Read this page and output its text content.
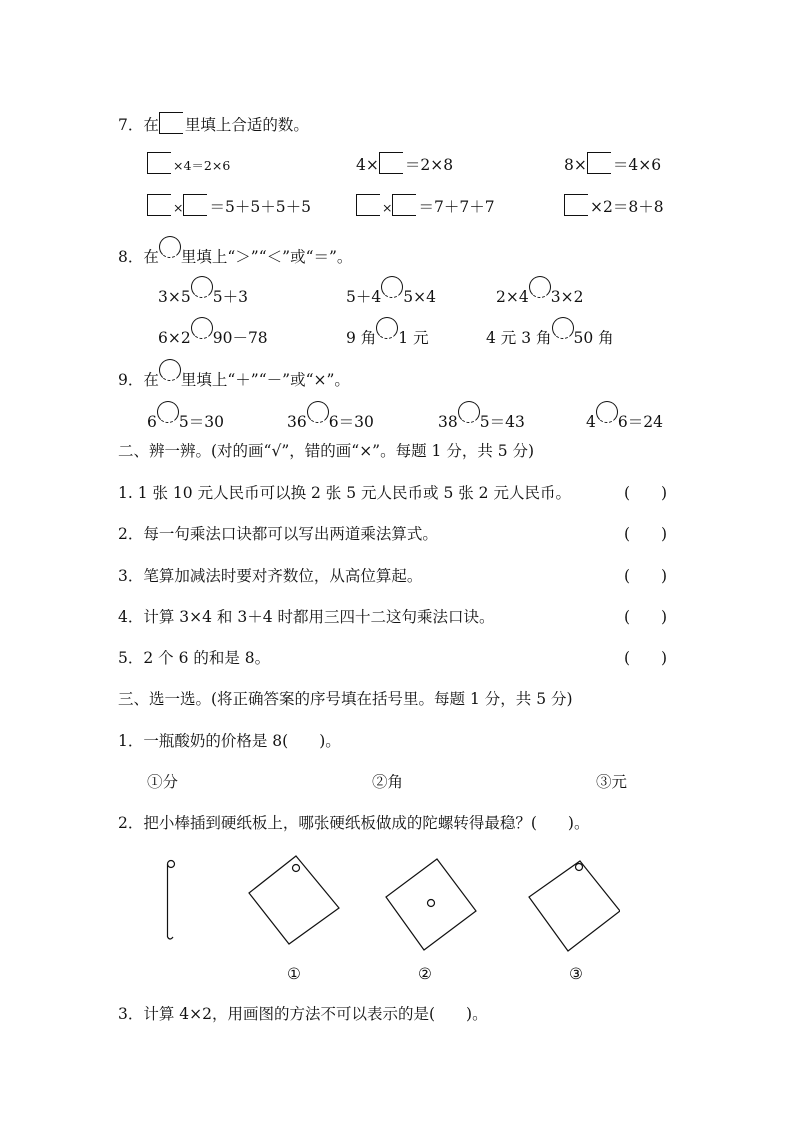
7．在 里填上合适的数。
×4＝2×6	4× ＝2×8	8× ＝4×6
× ＝5＋5＋5＋5	× ＝7＋7＋7	×2＝8＋8
8．在 里填上“＞”“＜”或“＝”。
3×5 5＋3	5＋4 5×4	2×4 3×2
6×2 90－78	9 角 1 元	4 元 3 角 50 角
9．在 里填上“＋”“－”或“×”。
6 5＝30	36 6＝30	38 5＝43	4 6＝24
二、辨一辨。(对的画“√”，错的画“×”。每题 1 分，共 5 分)
1. 1 张 10 元人民币可以换 2 张 5 元人民币或 5 张 2 元人民币。	(　　)
2．每一句乘法口诀都可以写出两道乘法算式。	(　　)
3．笔算加减法时要对齐数位，从高位算起。	(　　)
4．计算 3×4 和 3＋4 时都用三四十二这句乘法口诀。	(　　)
5．2 个 6 的和是 8。	(　　)
三、选一选。(将正确答案的序号填在括号里。每题 1 分，共 5 分)
1．一瓶酸奶的价格是 8(　　)。
①分	②角	③元
2．把小棒插到硬纸板上，哪张硬纸板做成的陀螺转得最稳？(　　)。
①	②	③
3．计算 4×2，用画图的方法不可以表示的是(　　)。
